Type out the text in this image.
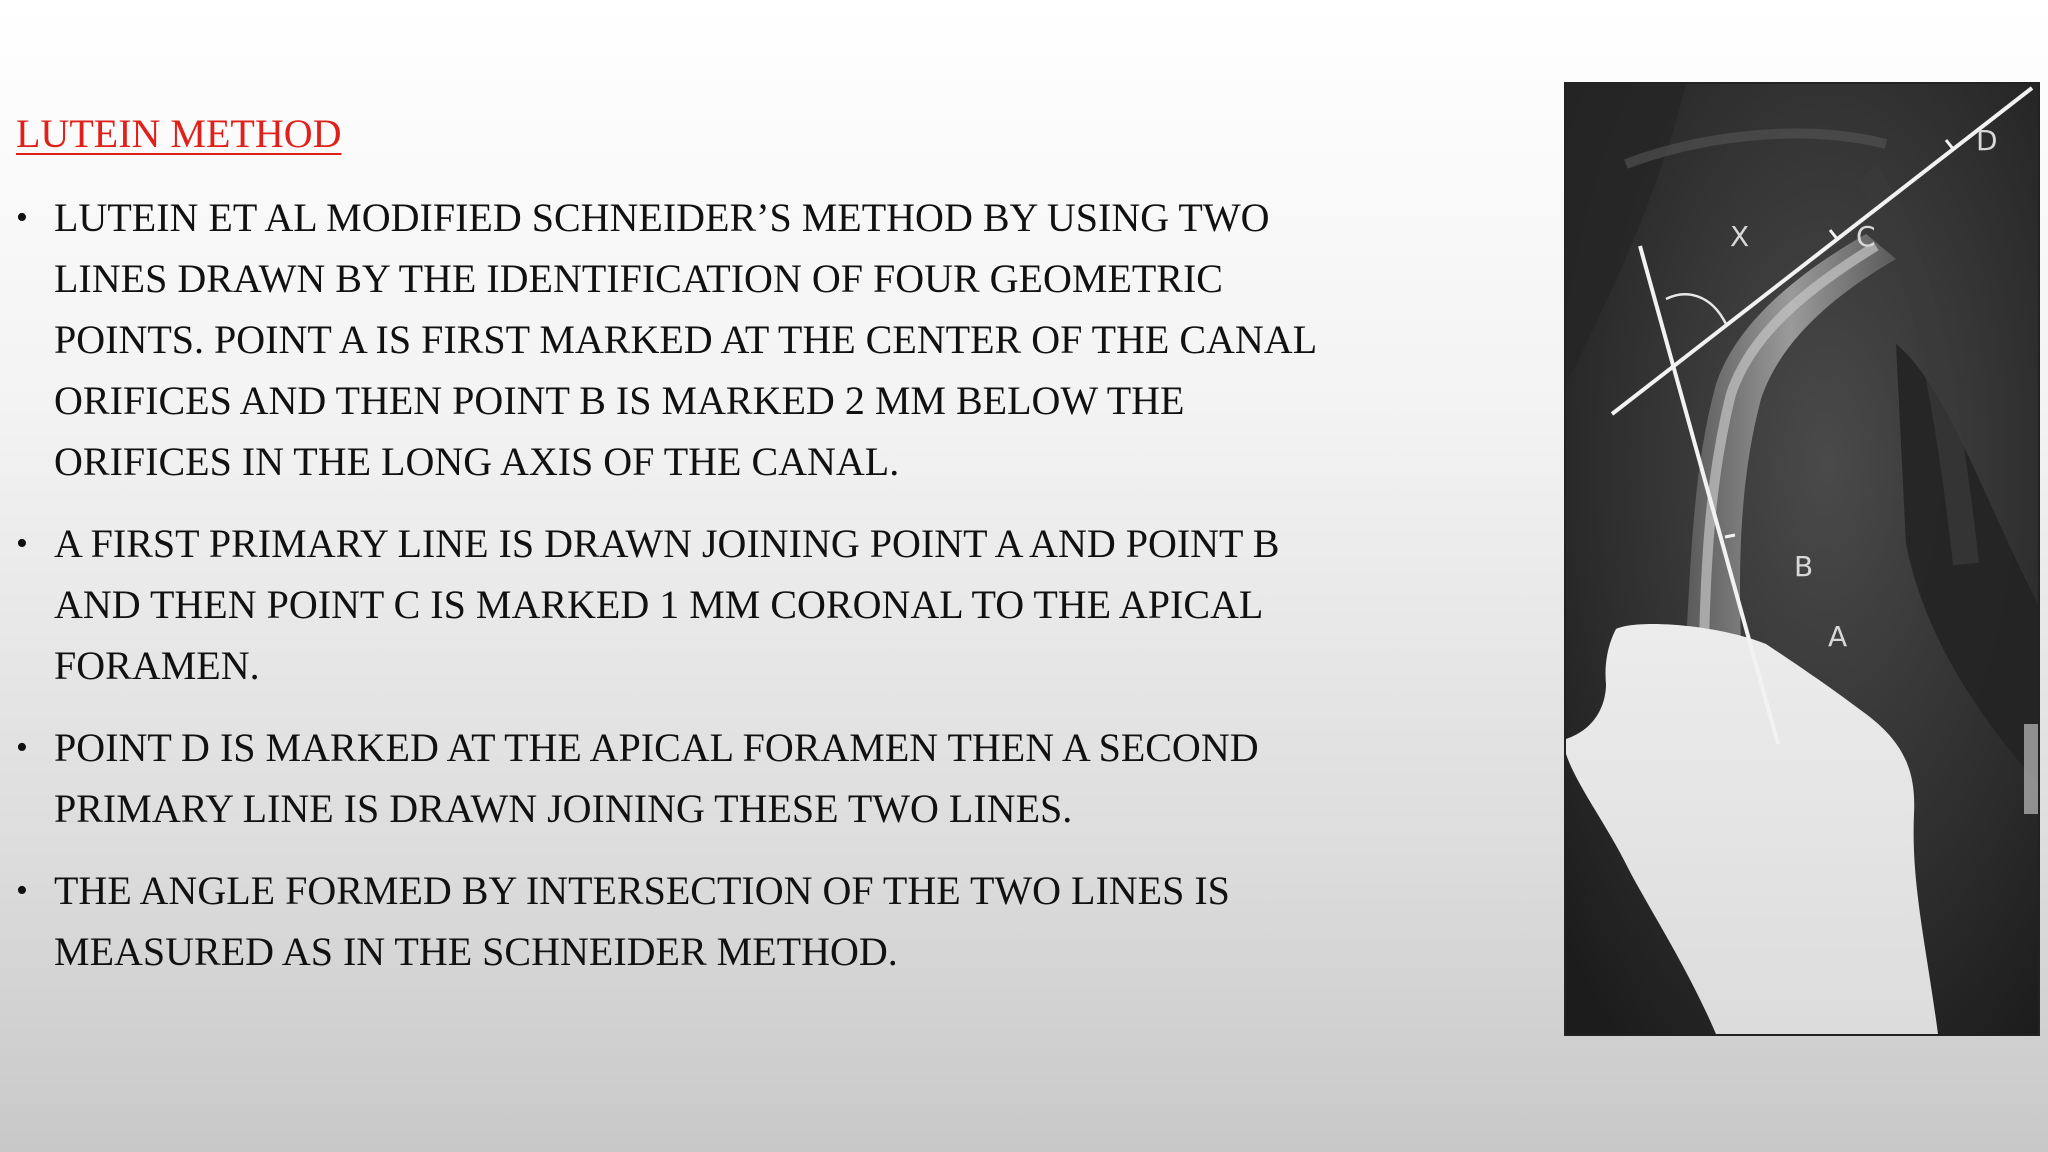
LUTEIN METHOD
• LUTEIN ET AL MODIFIED SCHNEIDER’S METHOD BY USING TWO LINES DRAWN BY THE IDENTIFICATION OF FOUR GEOMETRIC POINTS. POINT A IS FIRST MARKED AT THE CENTER OF THE CANAL ORIFICES AND THEN POINT B IS MARKED 2 MM BELOW THE ORIFICES IN THE LONG AXIS OF THE CANAL.
• A FIRST PRIMARY LINE IS DRAWN JOINING POINT A AND POINT B AND THEN POINT C IS MARKED 1 MM CORONAL TO THE APICAL FORAMEN.
• POINT D IS MARKED AT THE APICAL FORAMEN THEN A SECOND PRIMARY LINE IS DRAWN JOINING THESE TWO LINES.
• THE ANGLE FORMED BY INTERSECTION OF THE TWO LINES IS MEASURED AS IN THE SCHNEIDER METHOD.
D
X	C
B
A
